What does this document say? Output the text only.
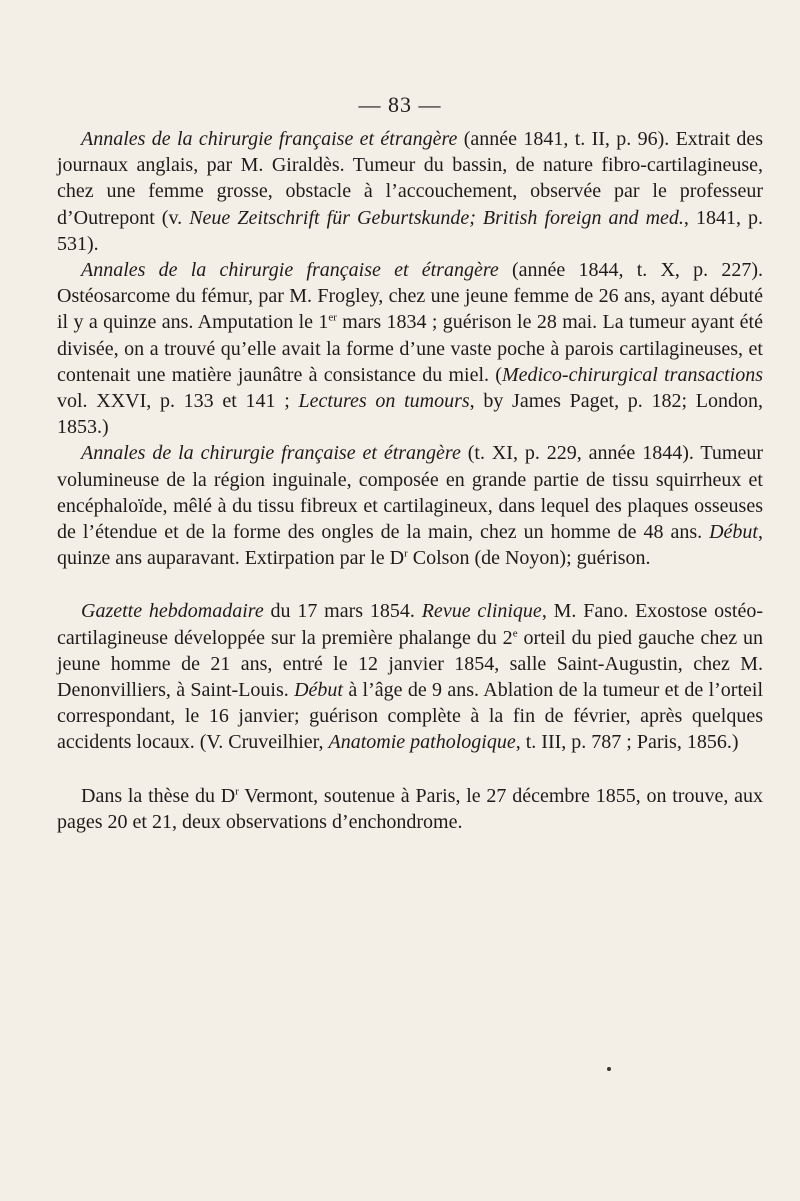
— 83 —

Annales de la chirurgie française et étrangère (année 1841, t. II, p. 96). Extrait des journaux anglais, par M. Giraldès. Tumeur du bassin, de nature fibro-cartilagineuse, chez une femme grosse, obstacle à l’accouchement, observée par le professeur d’Outrepont (v. Neue Zeitschrift für Geburtskunde; British foreign and med., 1841, p. 531).

Annales de la chirurgie française et étrangère (année 1844, t. X, p. 227). Ostéosarcome du fémur, par M. Frogley, chez une jeune femme de 26 ans, ayant débuté il y a quinze ans. Amputation le 1er mars 1834 ; guérison le 28 mai. La tumeur ayant été divisée, on a trouvé qu’elle avait la forme d’une vaste poche à parois cartilagineuses, et contenait une matière jaunâtre à consistance du miel. (Medico-chirurgical transactions vol. XXVI, p. 133 et 141 ; Lectures on tumours, by James Paget, p. 182; London, 1853.)

Annales de la chirurgie française et étrangère (t. XI, p. 229, année 1844). Tumeur volumineuse de la région inguinale, composée en grande partie de tissu squirrheux et encéphaloïde, mêlé à du tissu fibreux et cartilagineux, dans lequel des plaques osseuses de l’étendue et de la forme des ongles de la main, chez un homme de 48 ans. Début, quinze ans auparavant. Extirpation par le $D^r$ Colson (de Noyon); guérison.

Gazette hebdomadaire du 17 mars 1854. Revue clinique, M. Fano. Exostose ostéo-cartilagineuse développée sur la première phalange du 2e orteil du pied gauche chez un jeune homme de 21 ans, entré le 12 janvier 1854, salle Saint-Augustin, chez M. Denonvilliers, à Saint-Louis. Début à l’âge de 9 ans. Ablation de la tumeur et de l’orteil correspondant, le 16 janvier; guérison complète à la fin de février, après quelques accidents locaux. (V. Cruveilhier, Anatomie pathologique, t. III, p. 787 ; Paris, 1856.)

Dans la thèse du $D^r$ Vermont, soutenue à Paris, le 27 décembre 1855, on trouve, aux pages 20 et 21, deux observations d’enchondrome.
